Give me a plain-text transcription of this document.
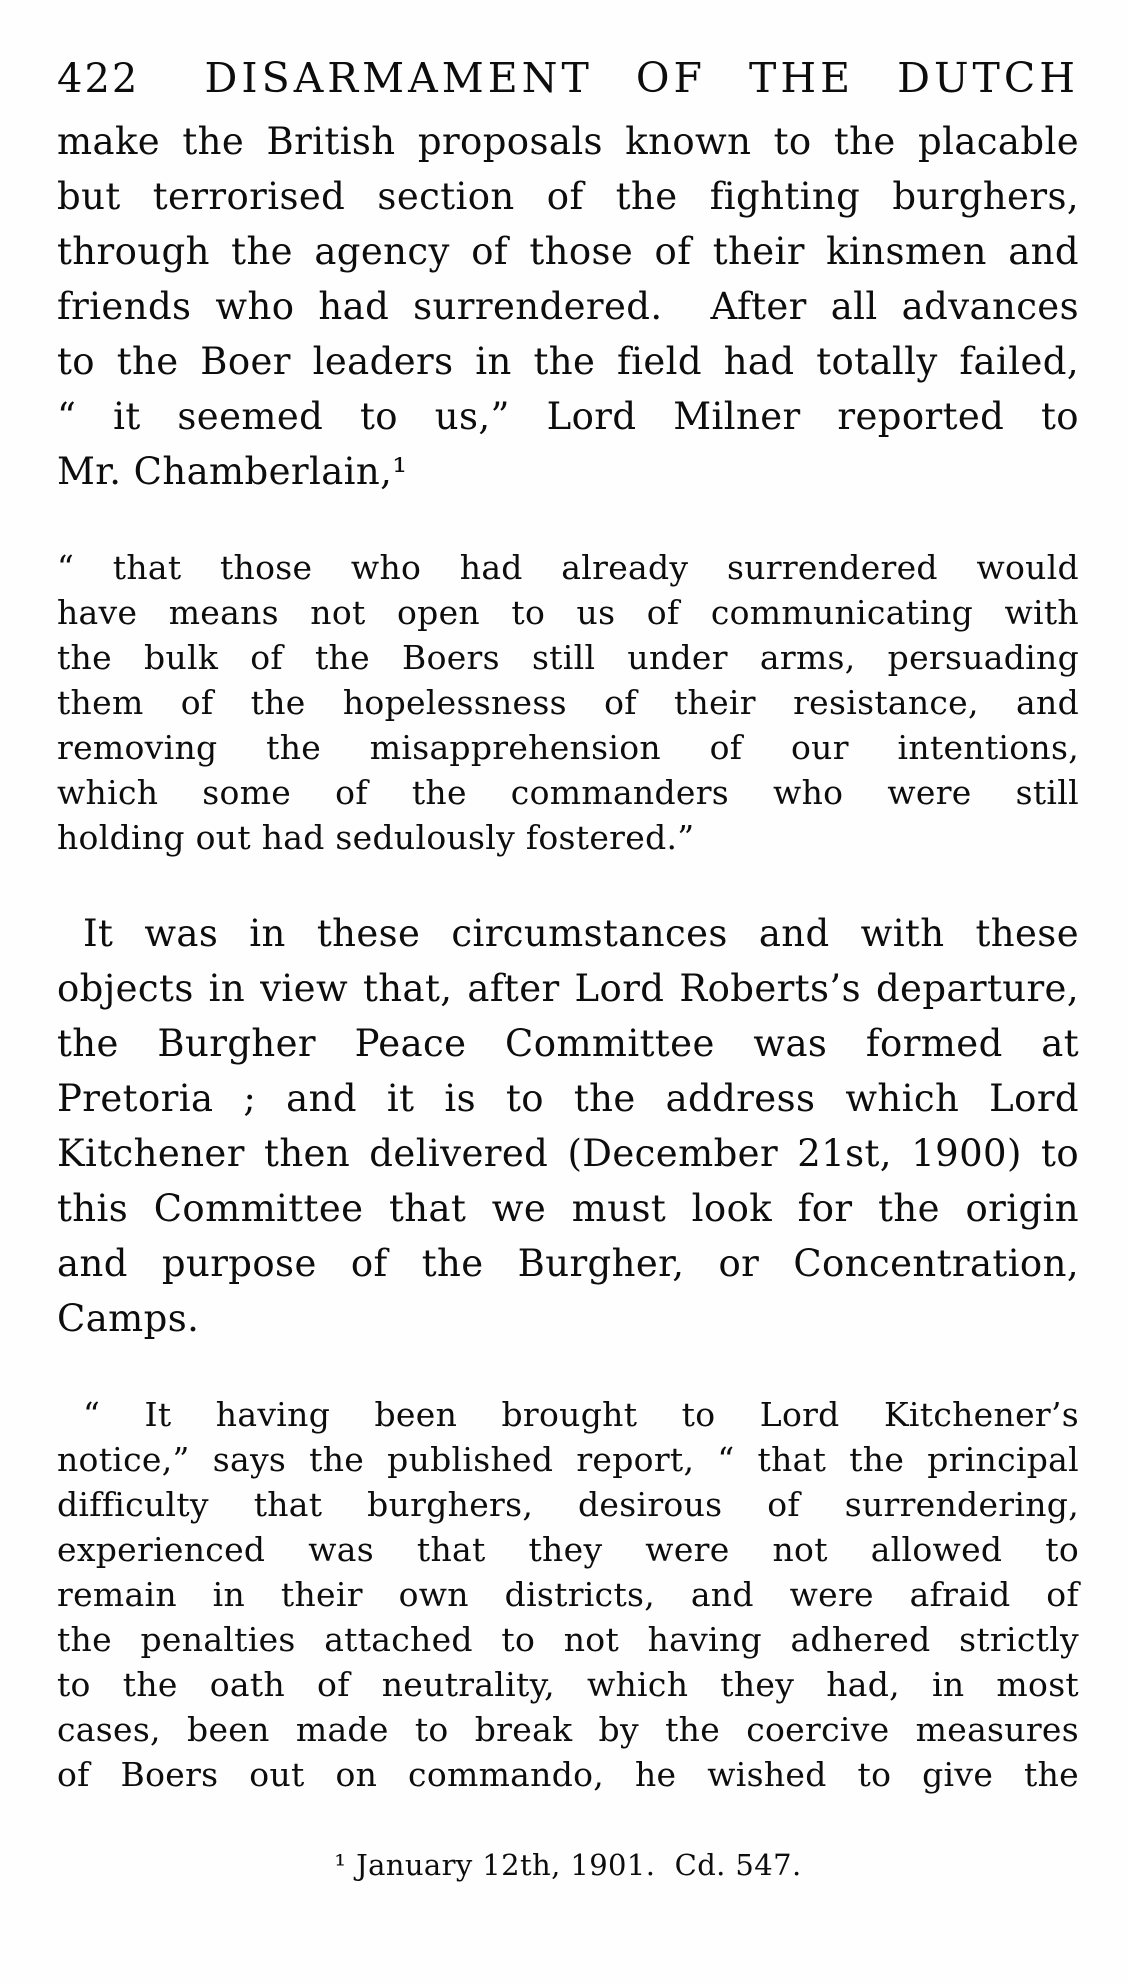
422 DISARMAMENT OF THE DUTCH
make the British proposals known to the placable
but terrorised section of the fighting burghers,
through the agency of those of their kinsmen and
friends who had surrendered.  After all advances
to the Boer leaders in the field had totally failed,
“ it seemed to us,” Lord Milner reported to
Mr. Chamberlain,¹
“ that those who had already surrendered would
have means not open to us of communicating with
the bulk of the Boers still under arms, persuading
them of the hopelessness of their resistance, and
removing the misapprehension of our intentions,
which some of the commanders who were still
holding out had sedulously fostered.”
It was in these circumstances and with these
objects in view that, after Lord Roberts’s departure,
the Burgher Peace Committee was formed at
Pretoria ; and it is to the address which Lord
Kitchener then delivered (December 21st, 1900) to
this Committee that we must look for the origin
and purpose of the Burgher, or Concentration,
Camps.
“ It having been brought to Lord Kitchener’s
notice,” says the published report, “ that the principal
difficulty that burghers, desirous of surrendering,
experienced was that they were not allowed to
remain in their own districts, and were afraid of
the penalties attached to not having adhered strictly
to the oath of neutrality, which they had, in most
cases, been made to break by the coercive measures
of Boers out on commando, he wished to give the
¹ January 12th, 1901.  Cd. 547.
